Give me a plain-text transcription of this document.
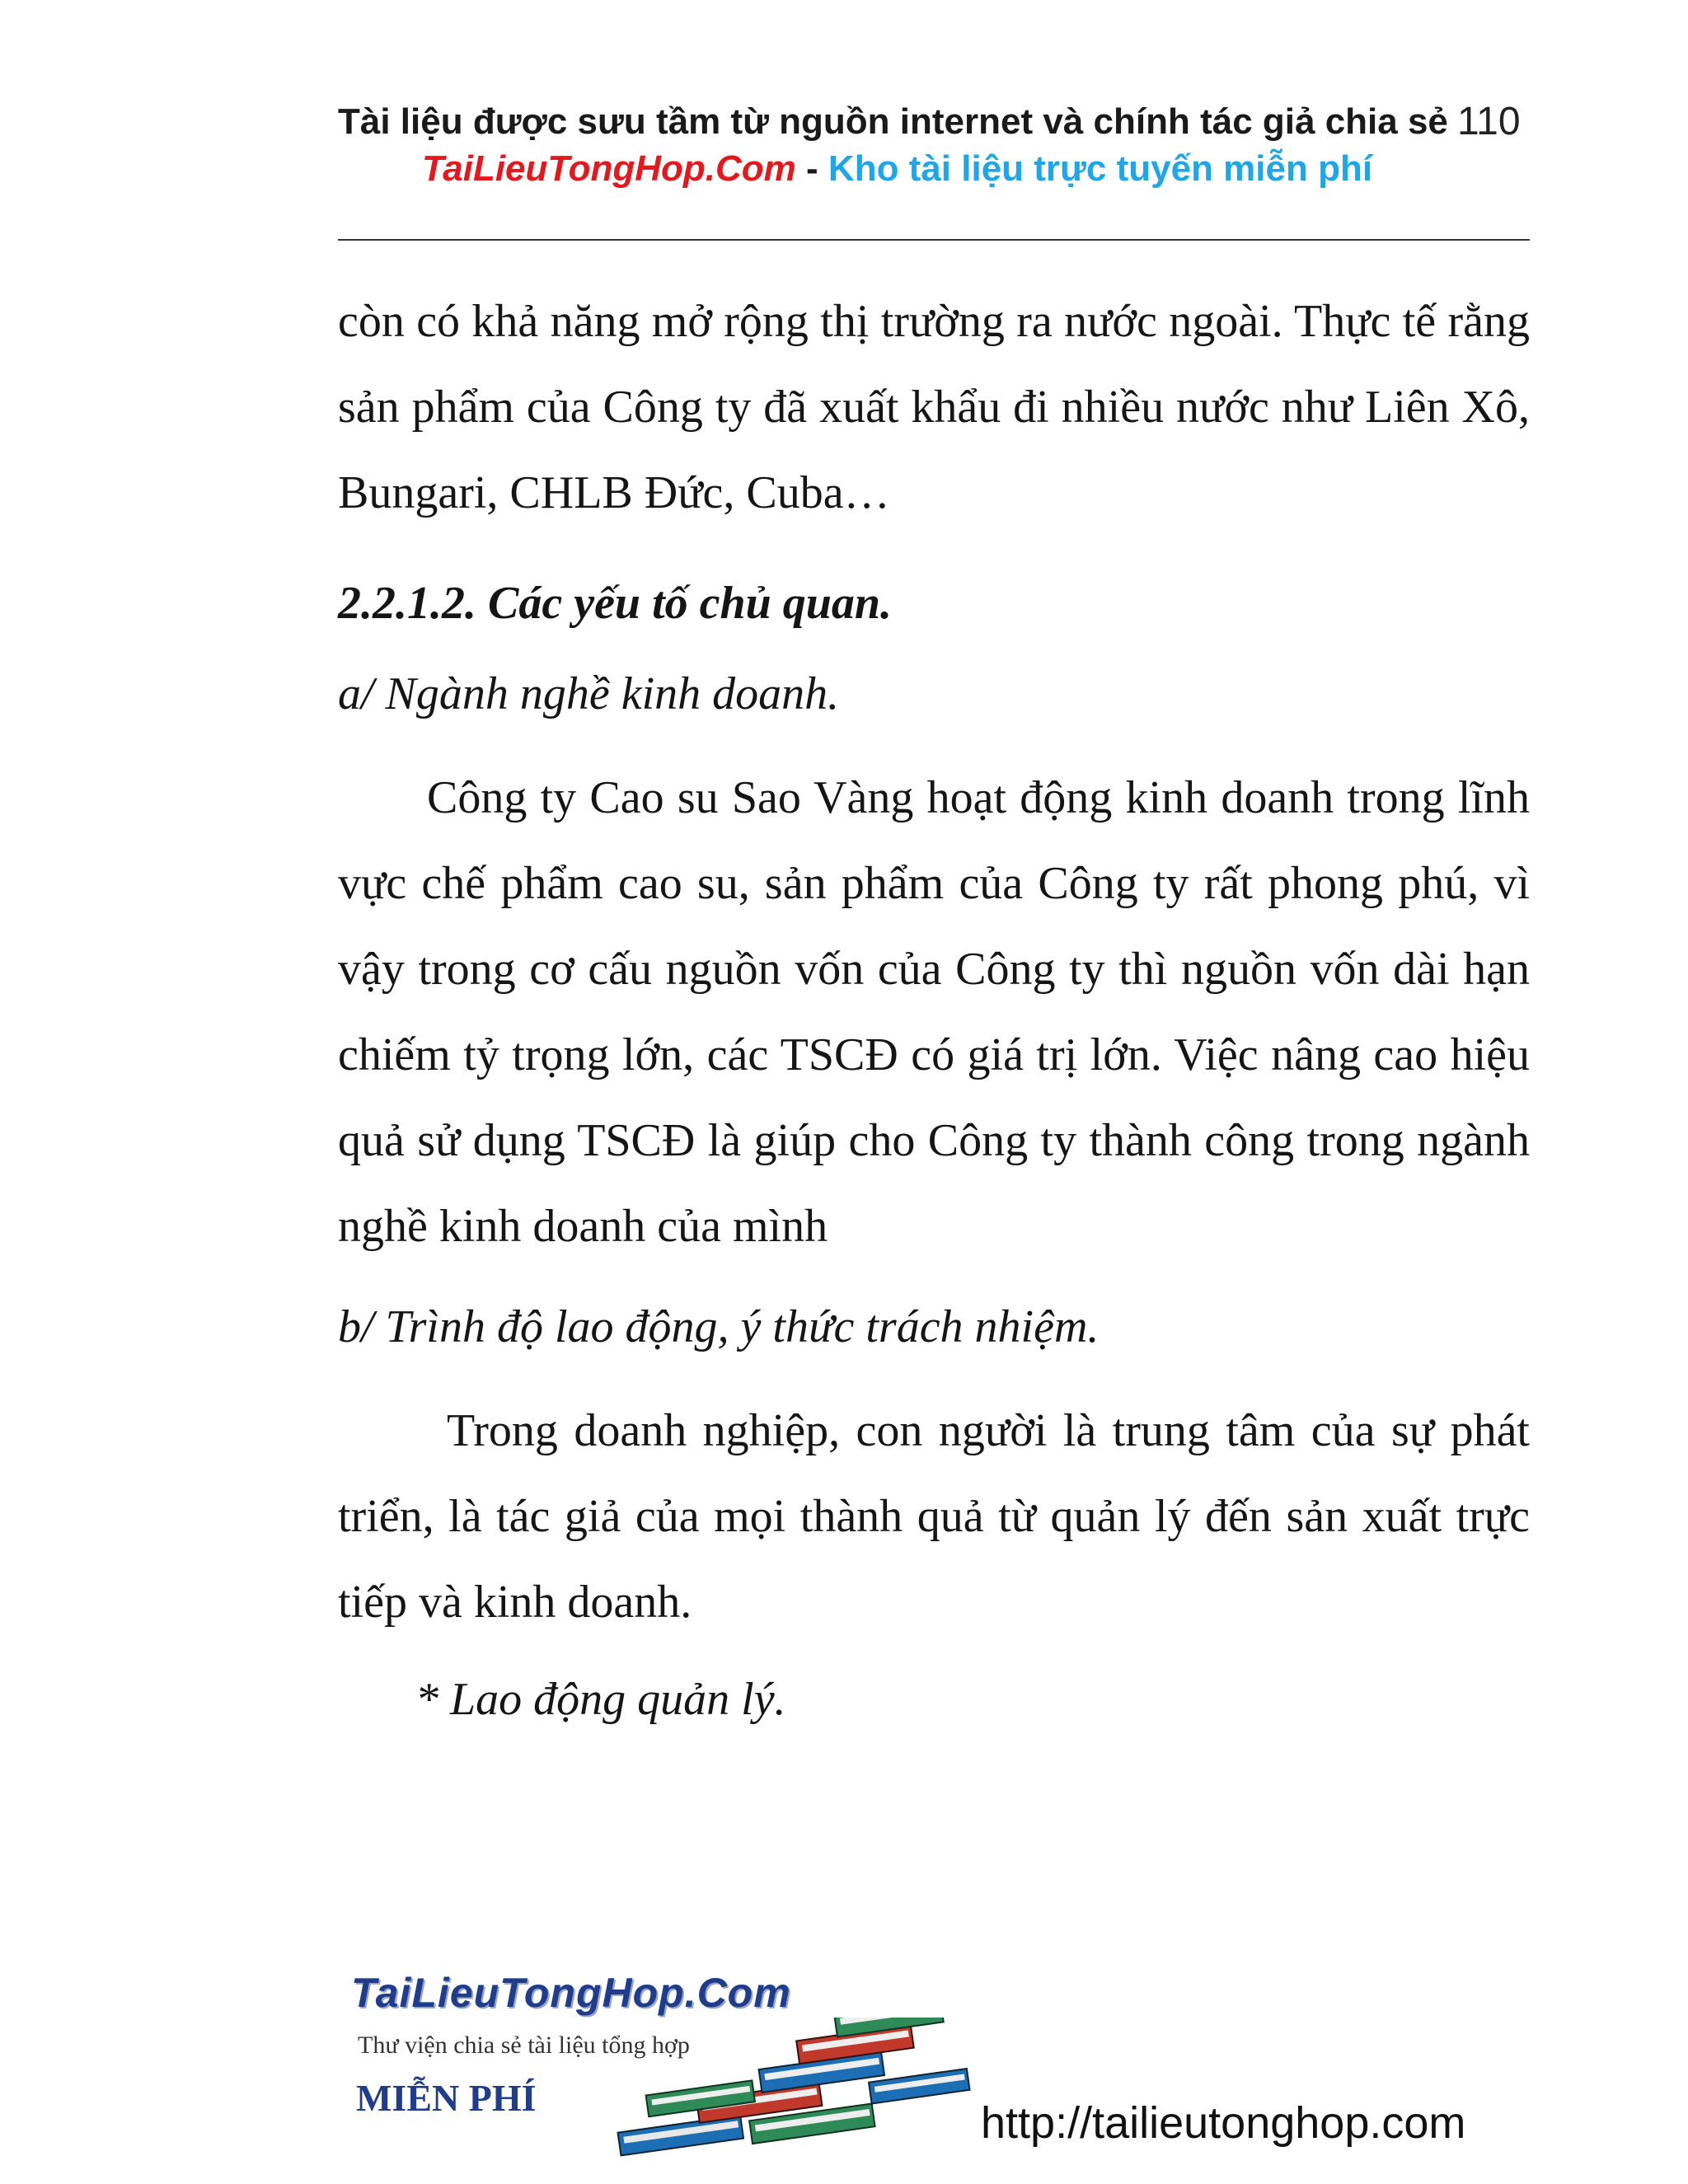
Tài liệu được sưu tầm từ nguồn internet và chính tác giả chia sẻ 110
TaiLieuTongHop.Com - Kho tài liệu trực tuyến miễn phí

còn có khả năng mở rộng thị trường ra nước ngoài. Thực tế rằng sản phẩm của Công ty đã xuất khẩu đi nhiều nước như Liên Xô, Bungari, CHLB Đức, Cuba…

2.2.1.2. Các yếu tố chủ quan.

a/ Ngành nghề kinh doanh.

Công ty Cao su Sao Vàng hoạt động kinh doanh trong lĩnh vực chế phẩm cao su, sản phẩm của Công ty rất phong phú, vì vậy trong cơ cấu nguồn vốn của Công ty thì nguồn vốn dài hạn chiếm tỷ trọng lớn, các TSCĐ có giá trị lớn. Việc nâng cao hiệu quả sử dụng TSCĐ là giúp cho Công ty thành công trong ngành nghề kinh doanh của mình

b/ Trình độ lao động, ý thức trách nhiệm.

Trong doanh nghiệp, con người là trung tâm của sự phát triển, là tác giả của mọi thành quả từ quản lý đến sản xuất trực tiếp và kinh doanh.

* Lao động quản lý.

TaiLieuTongHop.Com
Thư viện chia sẻ tài liệu tổng hợp
MIỄN PHÍ
http://tailieutonghop.com
